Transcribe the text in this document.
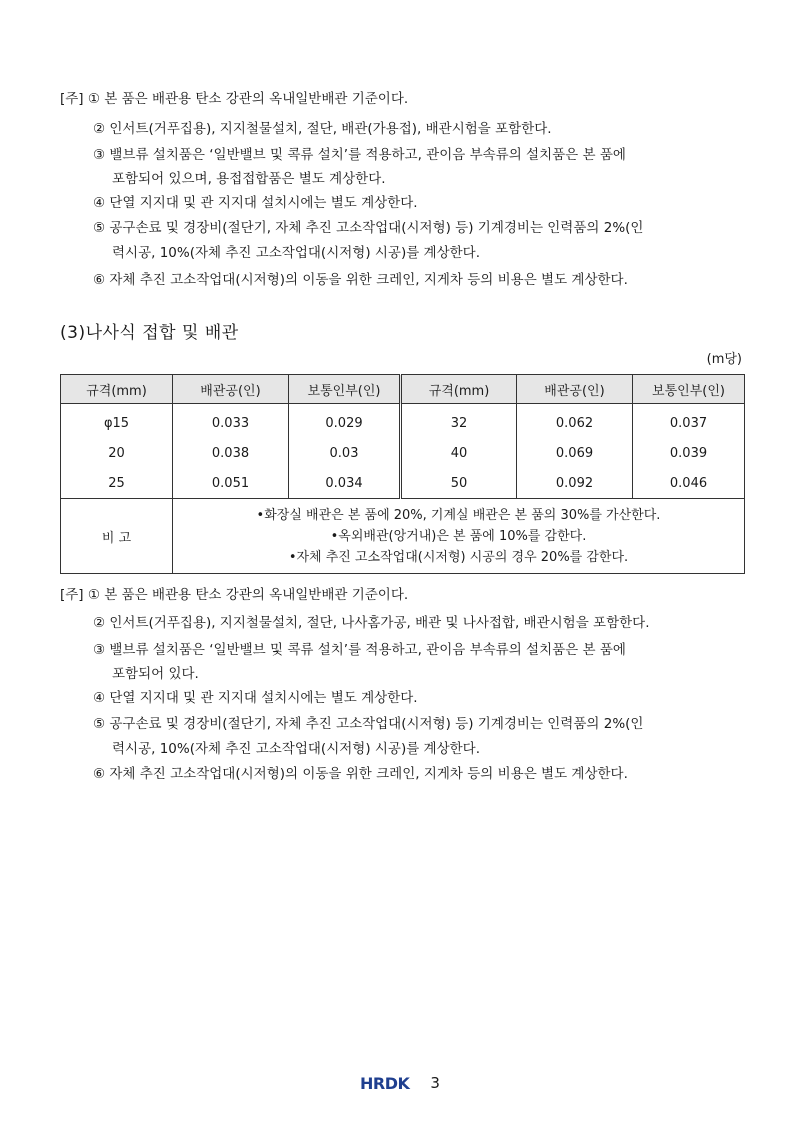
[주] ① 본 품은 배관용 탄소 강관의 옥내일반배관 기준이다.
② 인서트(거푸집용), 지지철물설치, 절단, 배관(가용접), 배관시험을 포함한다.
③ 밸브류 설치품은 ‘일반밸브 및 콕류 설치’를 적용하고, 관이음 부속류의 설치품은 본 품에
포함되어 있으며, 용접접합품은 별도 계상한다.
④ 단열 지지대 및 관 지지대 설치시에는 별도 계상한다.
⑤ 공구손료 및 경장비(절단기, 자체 추진 고소작업대(시저형) 등) 기계경비는 인력품의 2%(인
력시공, 10%(자체 추진 고소작업대(시저형) 시공)를 계상한다.
⑥ 자체 추진 고소작업대(시저형)의 이동을 위한 크레인, 지게차 등의 비용은 별도 계상한다.
(3)나사식 접합 및 배관
(m당)
규격(mm)	배관공(인)	보통인부(인)	규격(mm)	배관공(인)	보통인부(인)
φ15	0.033	0.029	32	0.062	0.037
20	0.038	0.03	40	0.069	0.039
25	0.051	0.034	50	0.092	0.046
비 고	•화장실 배관은 본 품에 20%, 기계실 배관은 본 품의 30%를 가산한다.
•옥외배관(앙거내)은 본 품에 10%를 감한다.
•자체 추진 고소작업대(시저형) 시공의 경우 20%를 감한다.				
[주] ① 본 품은 배관용 탄소 강관의 옥내일반배관 기준이다.
② 인서트(거푸집용), 지지철물설치, 절단, 나사홈가공, 배관 및 나사접합, 배관시험을 포함한다.
③ 밸브류 설치품은 ‘일반밸브 및 콕류 설치’를 적용하고, 관이음 부속류의 설치품은 본 품에
포함되어 있다.
④ 단열 지지대 및 관 지지대 설치시에는 별도 계상한다.
⑤ 공구손료 및 경장비(절단기, 자체 추진 고소작업대(시저형) 등) 기계경비는 인력품의 2%(인
력시공, 10%(자체 추진 고소작업대(시저형) 시공)를 계상한다.
⑥ 자체 추진 고소작업대(시저형)의 이동을 위한 크레인, 지게차 등의 비용은 별도 계상한다.
HRDK 3
